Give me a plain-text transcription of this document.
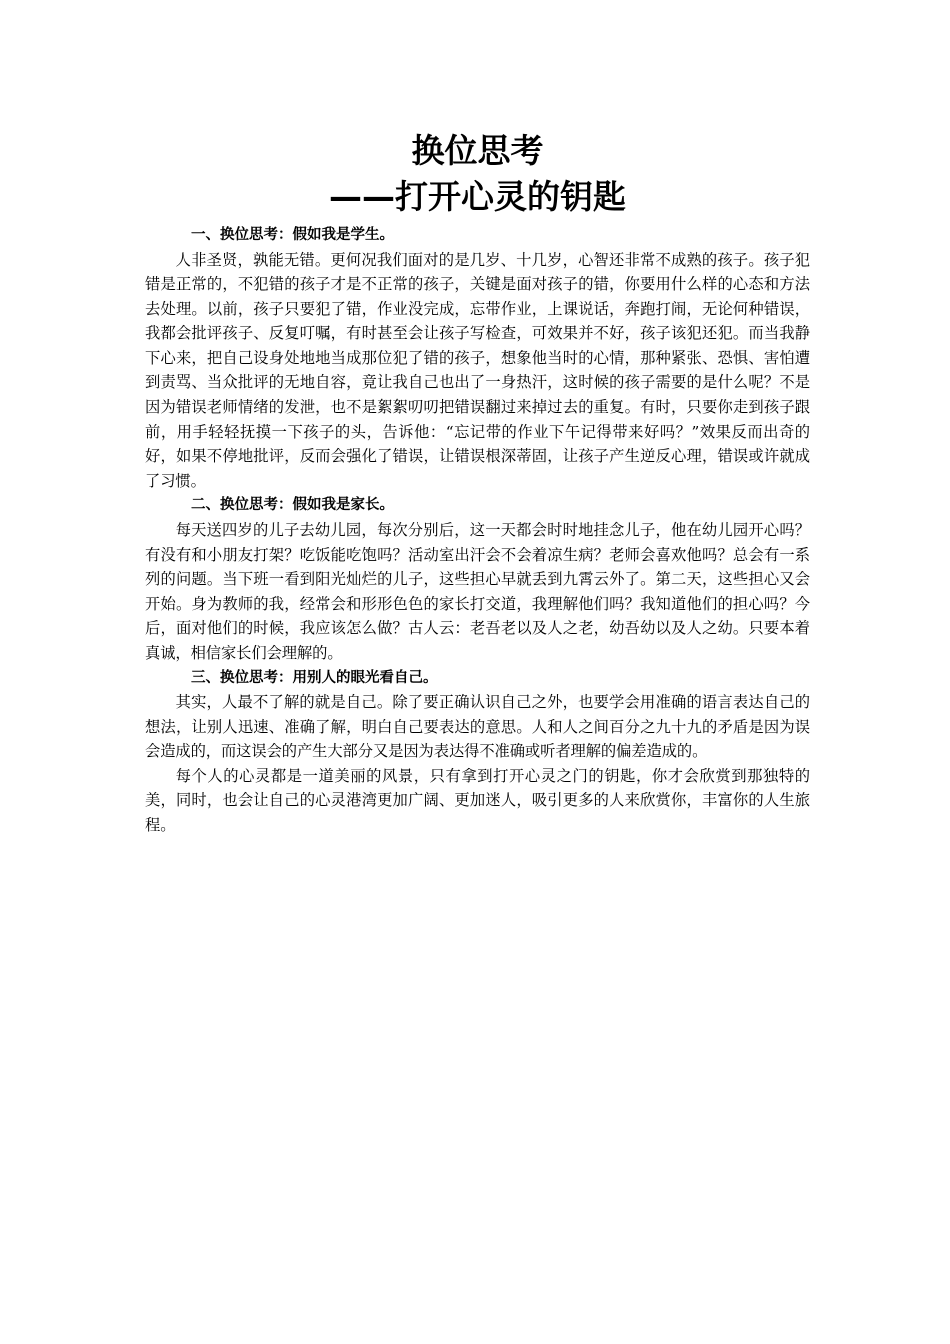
换位思考
——打开心灵的钥匙

一、换位思考：假如我是学生。

人非圣贤，孰能无错。更何况我们面对的是几岁、十几岁，心智还非常不成熟的孩子。孩子犯错是正常的，不犯错的孩子才是不正常的孩子，关键是面对孩子的错，你要用什么样的心态和方法去处理。以前，孩子只要犯了错，作业没完成，忘带作业，上课说话，奔跑打闹，无论何种错误，我都会批评孩子、反复叮嘱，有时甚至会让孩子写检查，可效果并不好，孩子该犯还犯。而当我静下心来，把自己设身处地地当成那位犯了错的孩子，想象他当时的心情，那种紧张、恐惧、害怕遭到责骂、当众批评的无地自容，竟让我自己也出了一身热汗，这时候的孩子需要的是什么呢？不是因为错误老师情绪的发泄，也不是絮絮叨叨把错误翻过来掉过去的重复。有时，只要你走到孩子跟前，用手轻轻抚摸一下孩子的头，告诉他：“忘记带的作业下午记得带来好吗？”效果反而出奇的好，如果不停地批评，反而会强化了错误，让错误根深蒂固，让孩子产生逆反心理，错误或许就成了习惯。

二、换位思考：假如我是家长。

每天送四岁的儿子去幼儿园，每次分别后，这一天都会时时地挂念儿子，他在幼儿园开心吗？有没有和小朋友打架？吃饭能吃饱吗？活动室出汗会不会着凉生病？老师会喜欢他吗？总会有一系列的问题。当下班一看到阳光灿烂的儿子，这些担心早就丢到九霄云外了。第二天，这些担心又会开始。身为教师的我，经常会和形形色色的家长打交道，我理解他们吗？我知道他们的担心吗？今后，面对他们的时候，我应该怎么做？古人云：老吾老以及人之老，幼吾幼以及人之幼。只要本着真诚，相信家长们会理解的。

三、换位思考：用别人的眼光看自己。

其实，人最不了解的就是自己。除了要正确认识自己之外，也要学会用准确的语言表达自己的想法，让别人迅速、准确了解，明白自己要表达的意思。人和人之间百分之九十九的矛盾是因为误会造成的，而这误会的产生大部分又是因为表达得不准确或听者理解的偏差造成的。

每个人的心灵都是一道美丽的风景，只有拿到打开心灵之门的钥匙，你才会欣赏到那独特的美，同时，也会让自己的心灵港湾更加广阔、更加迷人，吸引更多的人来欣赏你，丰富你的人生旅程。
